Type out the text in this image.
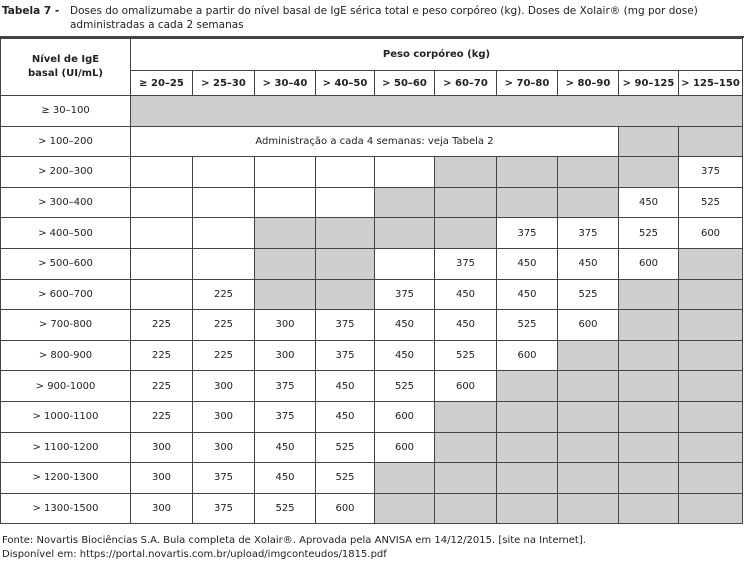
Tabela 7 - Doses do omalizumabe a partir do nível basal de IgE sérica total e peso corpóreo (kg). Doses de Xolair® (mg por dose) administradas a cada 2 semanas
Nível de IgE basal (UI/mL)	Peso corpóreo (kg)									
	≥ 20–25	> 25–30	> 30–40	> 40–50	> 50–60	> 60–70	> 70–80	> 80–90	> 90–125	> 125–150
≥ 30–100										
> 100–200	Administração a cada 4 semanas: veja Tabela 2									
> 200–300										375
> 300–400									450	525
> 400–500							375	375	525	600
> 500–600						375	450	450	600	
> 600–700		225			375	450	450	525		
> 700-800	225	225	300	375	450	450	525	600		
> 800-900	225	225	300	375	450	525	600			
> 900-1000	225	300	375	450	525	600				
> 1000-1100	225	300	375	450	600					
> 1100-1200	300	300	450	525	600					
> 1200-1300	300	375	450	525						
> 1300-1500	300	375	525	600						
Fonte: Novartis Biociências S.A. Bula completa de Xolair®. Aprovada pela ANVISA em 14/12/2015. [site na Internet].
Disponível em: https://portal.novartis.com.br/upload/imgconteudos/1815.pdf
